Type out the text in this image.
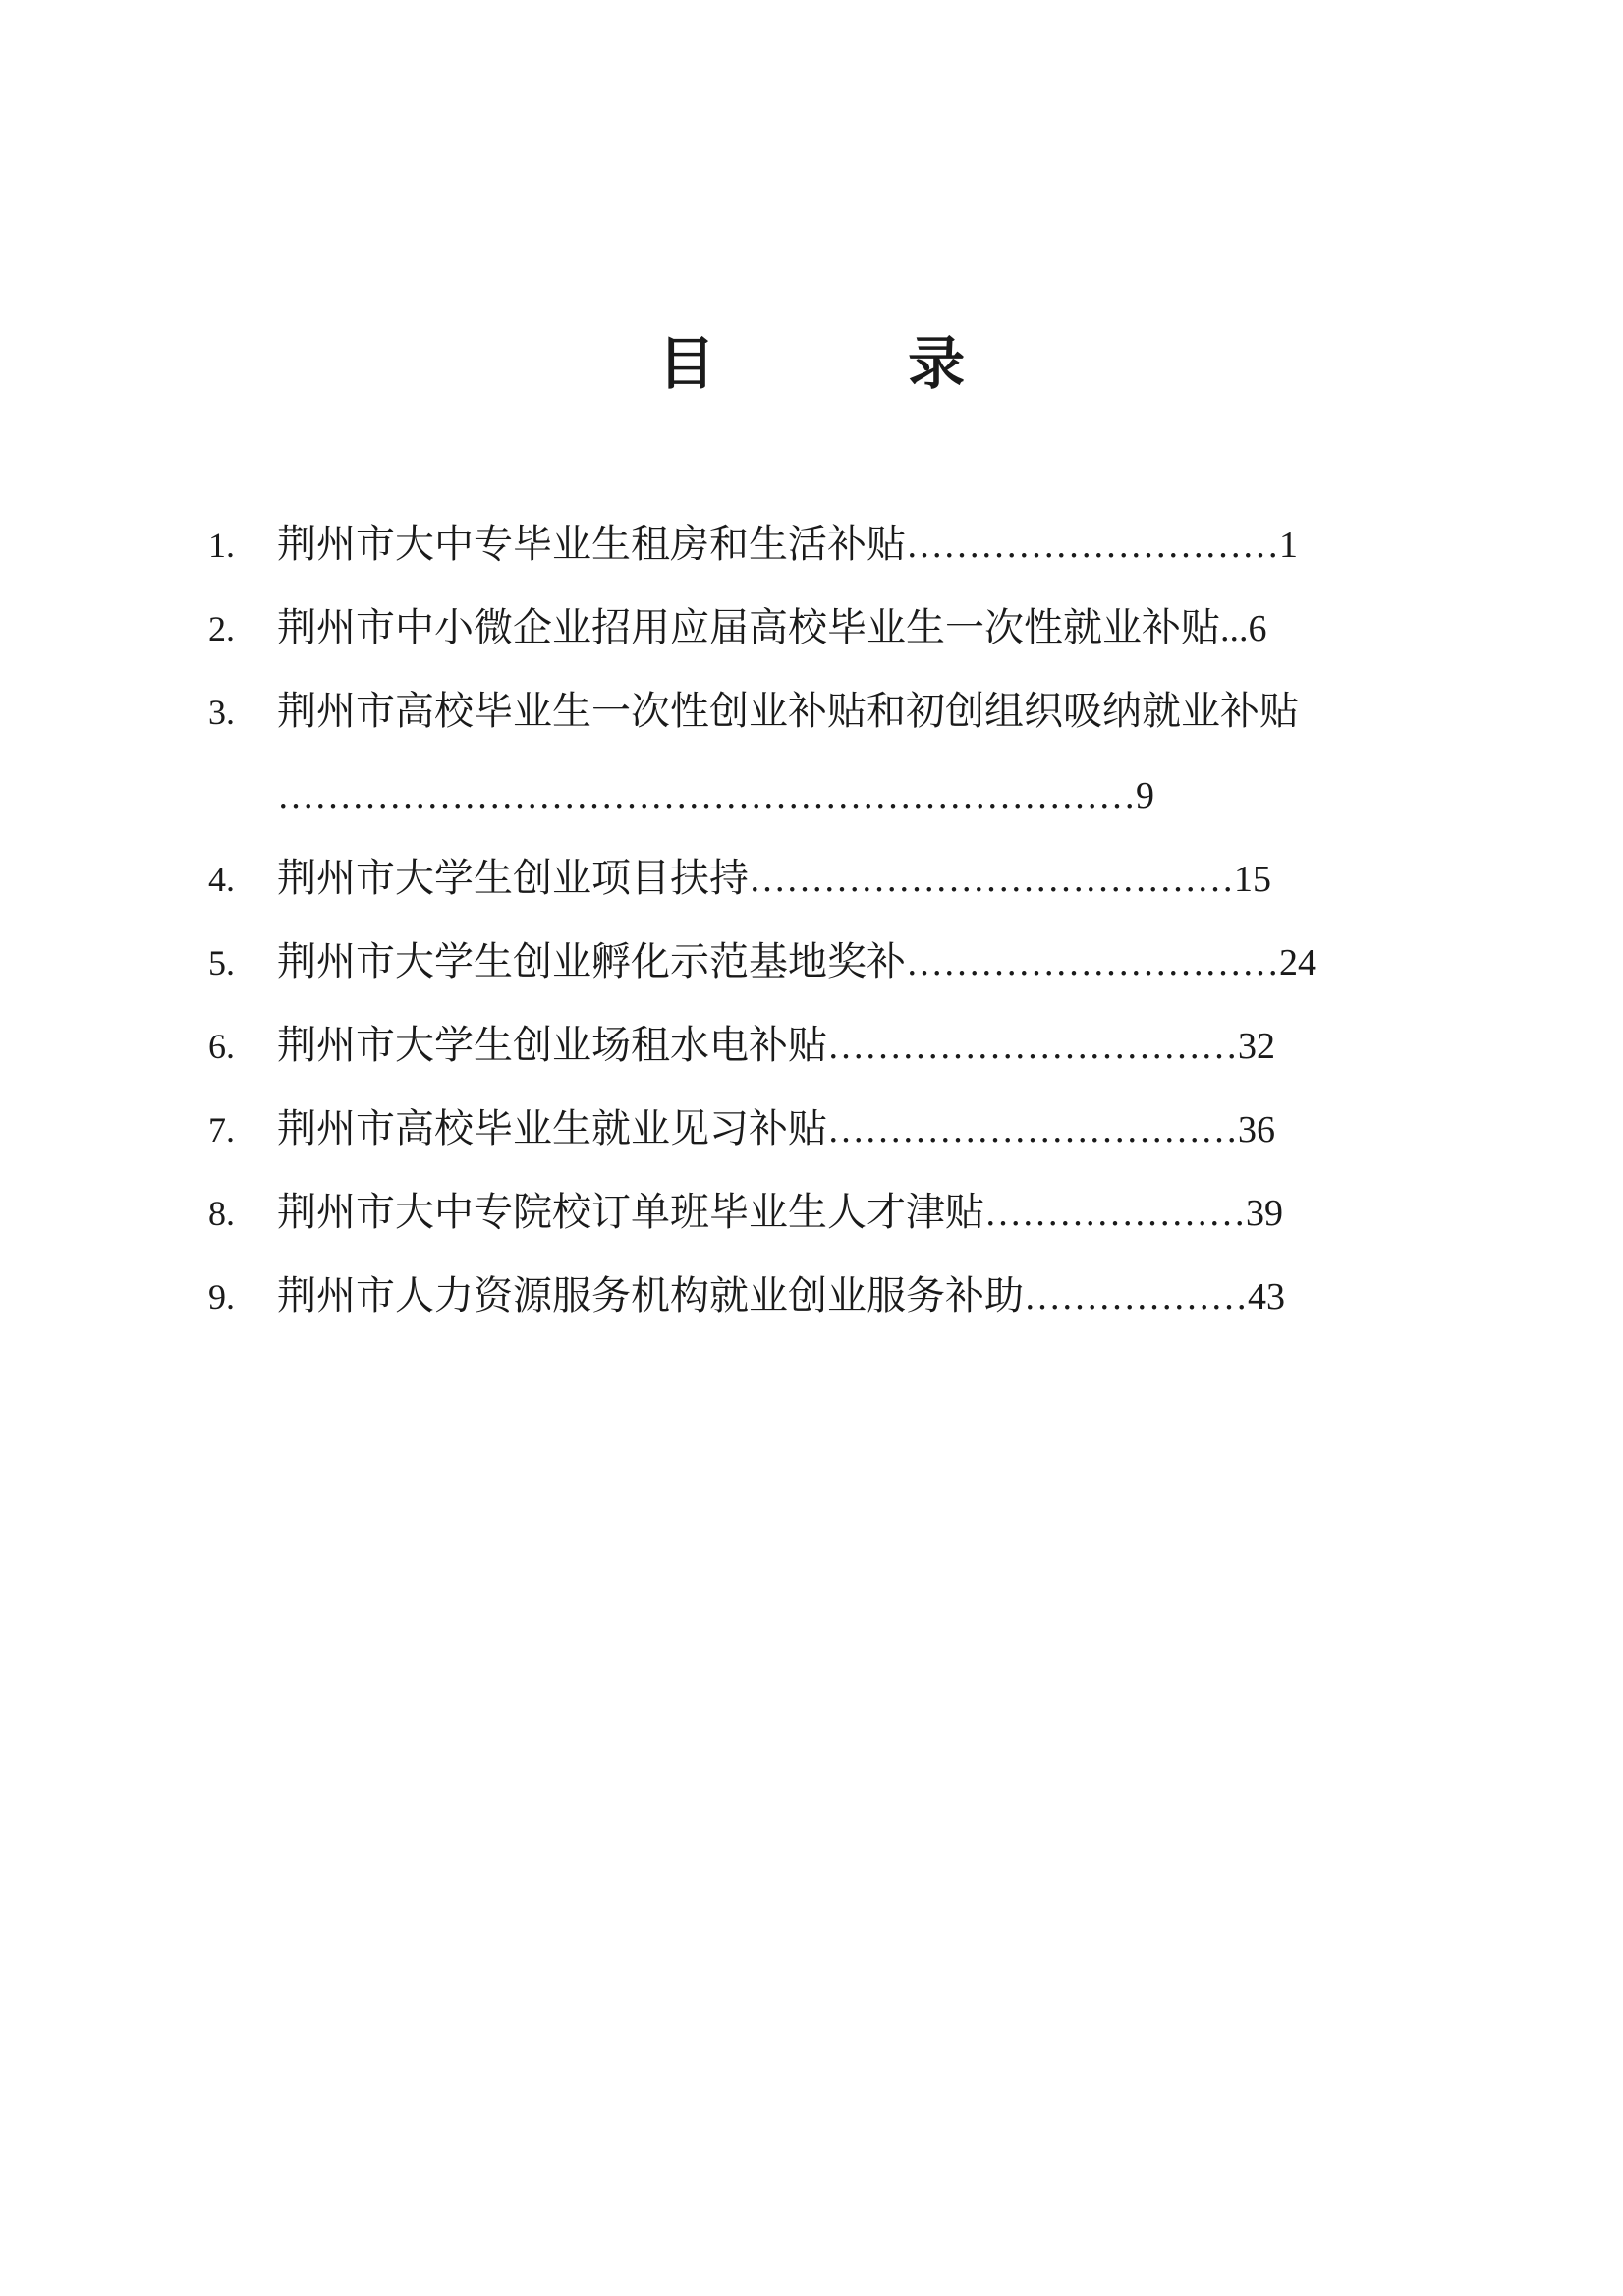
目 录
1. 荆州市大中专毕业生租房和生活补贴…………………………1
2. 荆州市中小微企业招用应届高校毕业生一次性就业补贴...6
3. 荆州市高校毕业生一次性创业补贴和初创组织吸纳就业补贴
……………………………………………………………9
4. 荆州市大学生创业项目扶持…………………………………15
5. 荆州市大学生创业孵化示范基地奖补…………………………24
6. 荆州市大学生创业场租水电补贴……………………………32
7. 荆州市高校毕业生就业见习补贴……………………………36
8. 荆州市大中专院校订单班毕业生人才津贴…………………39
9. 荆州市人力资源服务机构就业创业服务补助………………43
